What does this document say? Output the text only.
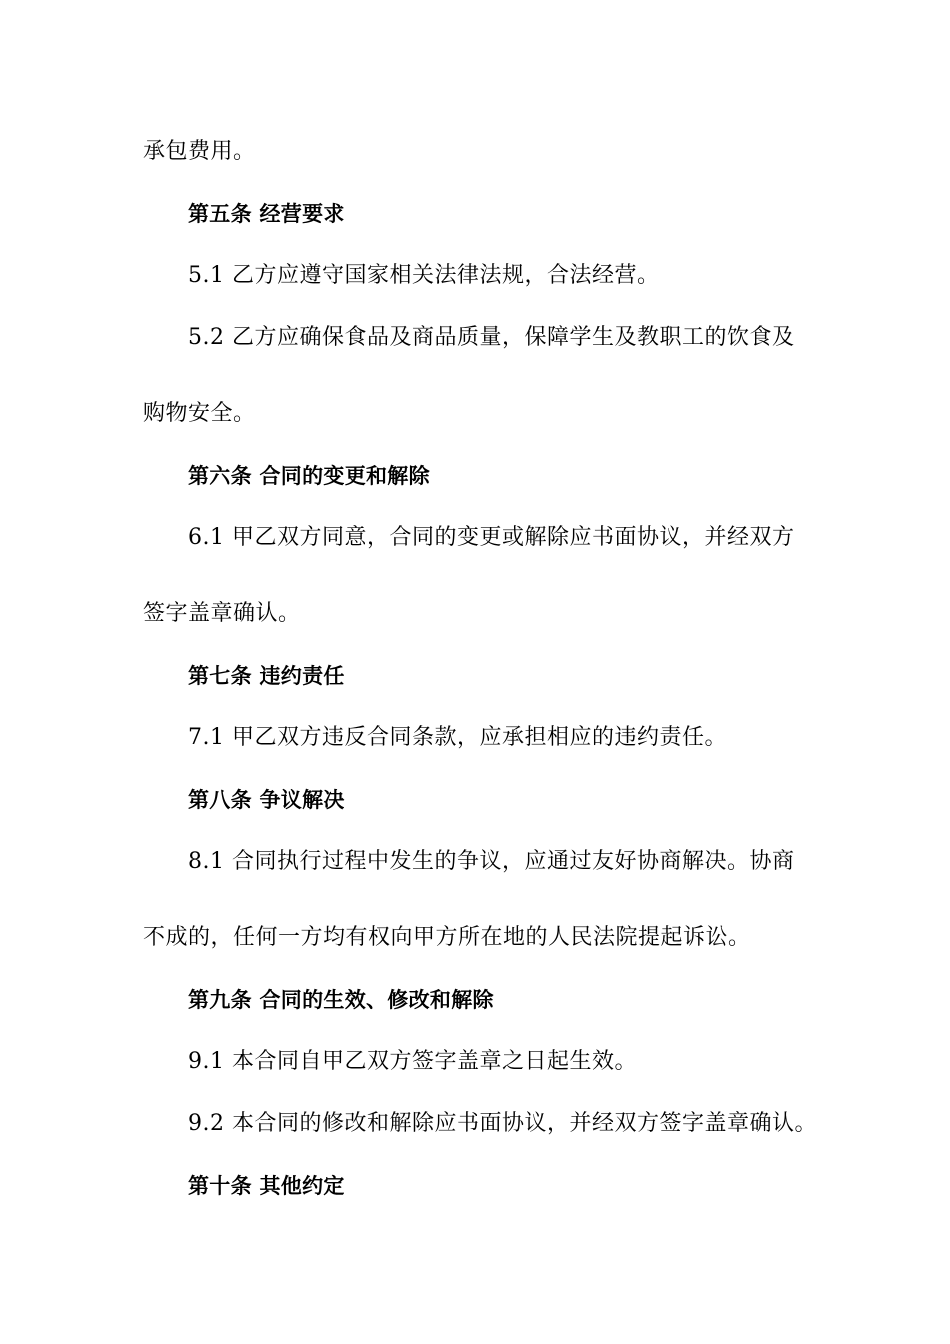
承包费用。

第五条 经营要求

5.1 乙方应遵守国家相关法律法规，合法经营。

5.2 乙方应确保食品及商品质量，保障学生及教职工的饮食及

购物安全。

第六条 合同的变更和解除

6.1 甲乙双方同意，合同的变更或解除应书面协议，并经双方

签字盖章确认。

第七条 违约责任

7.1 甲乙双方违反合同条款，应承担相应的违约责任。

第八条 争议解决

8.1 合同执行过程中发生的争议，应通过友好协商解决。协商

不成的，任何一方均有权向甲方所在地的人民法院提起诉讼。

第九条 合同的生效、修改和解除

9.1 本合同自甲乙双方签字盖章之日起生效。

9.2 本合同的修改和解除应书面协议，并经双方签字盖章确认。

第十条 其他约定
